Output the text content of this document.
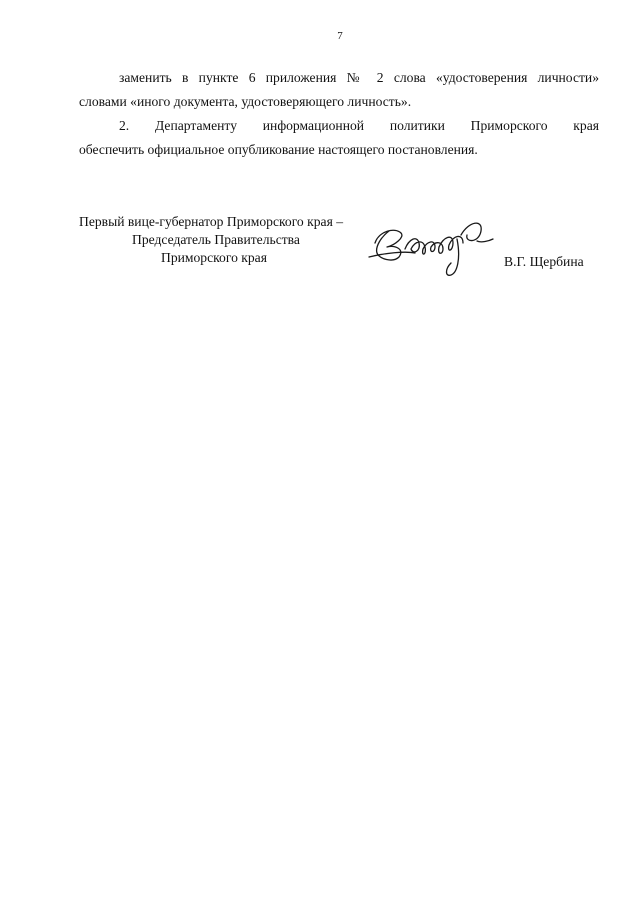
7
заменить в пункте 6 приложения № 2 слова «удостоверения личности»
словами «иного документа, удостоверяющего личность».
2. Департаменту информационной политики Приморского края
обеспечить официальное опубликование настоящего постановления.
Первый вице-губернатор Приморского края –
Председатель Правительства
Приморского края	В.Г. Щербина
